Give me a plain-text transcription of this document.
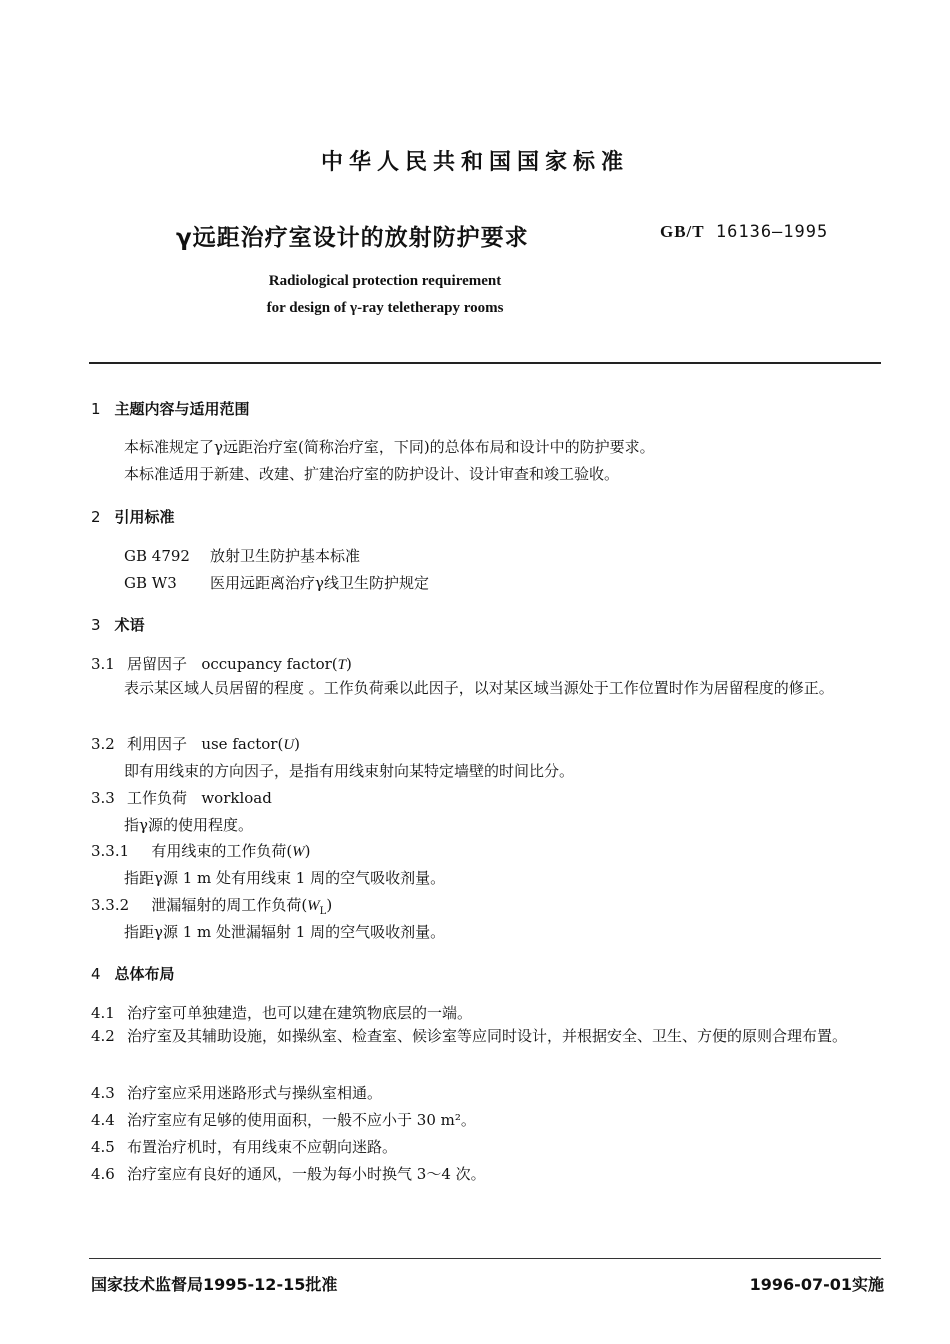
中华人民共和国国家标准
γ远距治疗室设计的放射防护要求	GB/T 16136—1995
Radiological protection requirement
for design of γ-ray teletherapy rooms
1 主题内容与适用范围
本标准规定了γ远距治疗室(简称治疗室，下同)的总体布局和设计中的防护要求。
本标准适用于新建、改建、扩建治疗室的防护设计、设计审查和竣工验收。
2 引用标准
GB 4792 放射卫生防护基本标准
GB W3 医用远距离治疗γ线卫生防护规定
3 术语
3.1 居留因子 occupancy factor(T)
表示某区域人员居留的程度 。工作负荷乘以此因子，以对某区域当源处于工作位置时作为居留程度的修正。
3.2 利用因子 use factor(U)
即有用线束的方向因子，是指有用线束射向某特定墙壁的时间比分。
3.3 工作负荷 workload
指γ源的使用程度。
3.3.1 有用线束的工作负荷(W)
指距γ源 1 m 处有用线束 1 周的空气吸收剂量。
3.3.2 泄漏辐射的周工作负荷$(W_L)$
指距γ源 1 m 处泄漏辐射 1 周的空气吸收剂量。
4 总体布局
4.1 治疗室可单独建造，也可以建在建筑物底层的一端。
4.2 治疗室及其辅助设施，如操纵室、检查室、候诊室等应同时设计，并根据安全、卫生、方便的原则合理布置。
4.3 治疗室应采用迷路形式与操纵室相通。
4.4 治疗室应有足够的使用面积，一般不应小于 30 m²。
4.5 布置治疗机时，有用线束不应朝向迷路。
4.6 治疗室应有良好的通风，一般为每小时换气 3～4 次。
国家技术监督局1995-12-15批准	1996-07-01实施
